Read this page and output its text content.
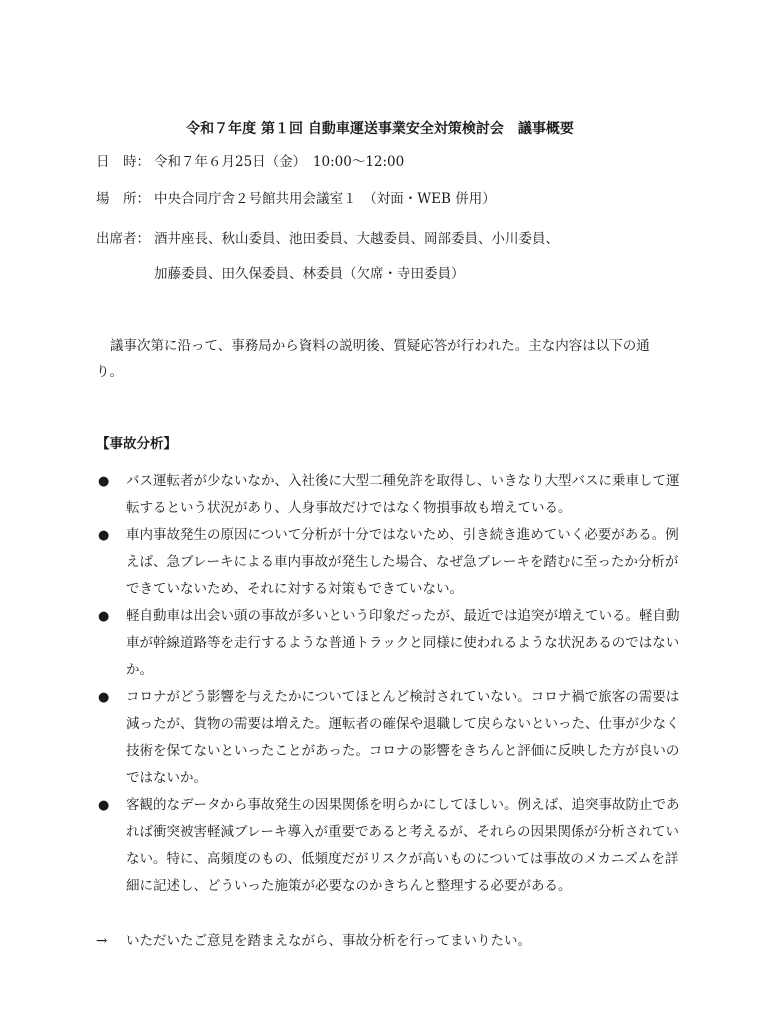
令和７年度 第１回 自動車運送事業安全対策検討会　議事概要
日　時： 令和７年６月25日（金）　10:00～12:00
場　所： 中央合同庁舎２号館共用会議室１　（対面・WEB 併用）
出席者： 酒井座長、秋山委員、池田委員、大越委員、岡部委員、小川委員、
加藤委員、田久保委員、林委員（欠席・寺田委員）
議事次第に沿って、事務局から資料の説明後、質疑応答が行われた。主な内容は以下の通り。
【事故分析】
● バス運転者が少ないなか、入社後に大型二種免許を取得し、いきなり大型バスに乗車して運転するという状況があり、人身事故だけではなく物損事故も増えている。
● 車内事故発生の原因について分析が十分ではないため、引き続き進めていく必要がある。例えば、急ブレーキによる車内事故が発生した場合、なぜ急ブレーキを踏むに至ったか分析ができていないため、それに対する対策もできていない。
● 軽自動車は出会い頭の事故が多いという印象だったが、最近では追突が増えている。軽自動車が幹線道路等を走行するような普通トラックと同様に使われるような状況あるのではないか。
● コロナがどう影響を与えたかについてほとんど検討されていない。コロナ禍で旅客の需要は減ったが、貨物の需要は増えた。運転者の確保や退職して戻らないといった、仕事が少なく技術を保てないといったことがあった。コロナの影響をきちんと評価に反映した方が良いのではないか。
● 客観的なデータから事故発生の因果関係を明らかにしてほしい。例えば、追突事故防止であれば衝突被害軽減ブレーキ導入が重要であると考えるが、それらの因果関係が分析されていない。特に、高頻度のもの、低頻度だがリスクが高いものについては事故のメカニズムを詳細に記述し、どういった施策が必要なのかきちんと整理する必要がある。
→ いただいたご意見を踏まえながら、事故分析を行ってまいりたい。
